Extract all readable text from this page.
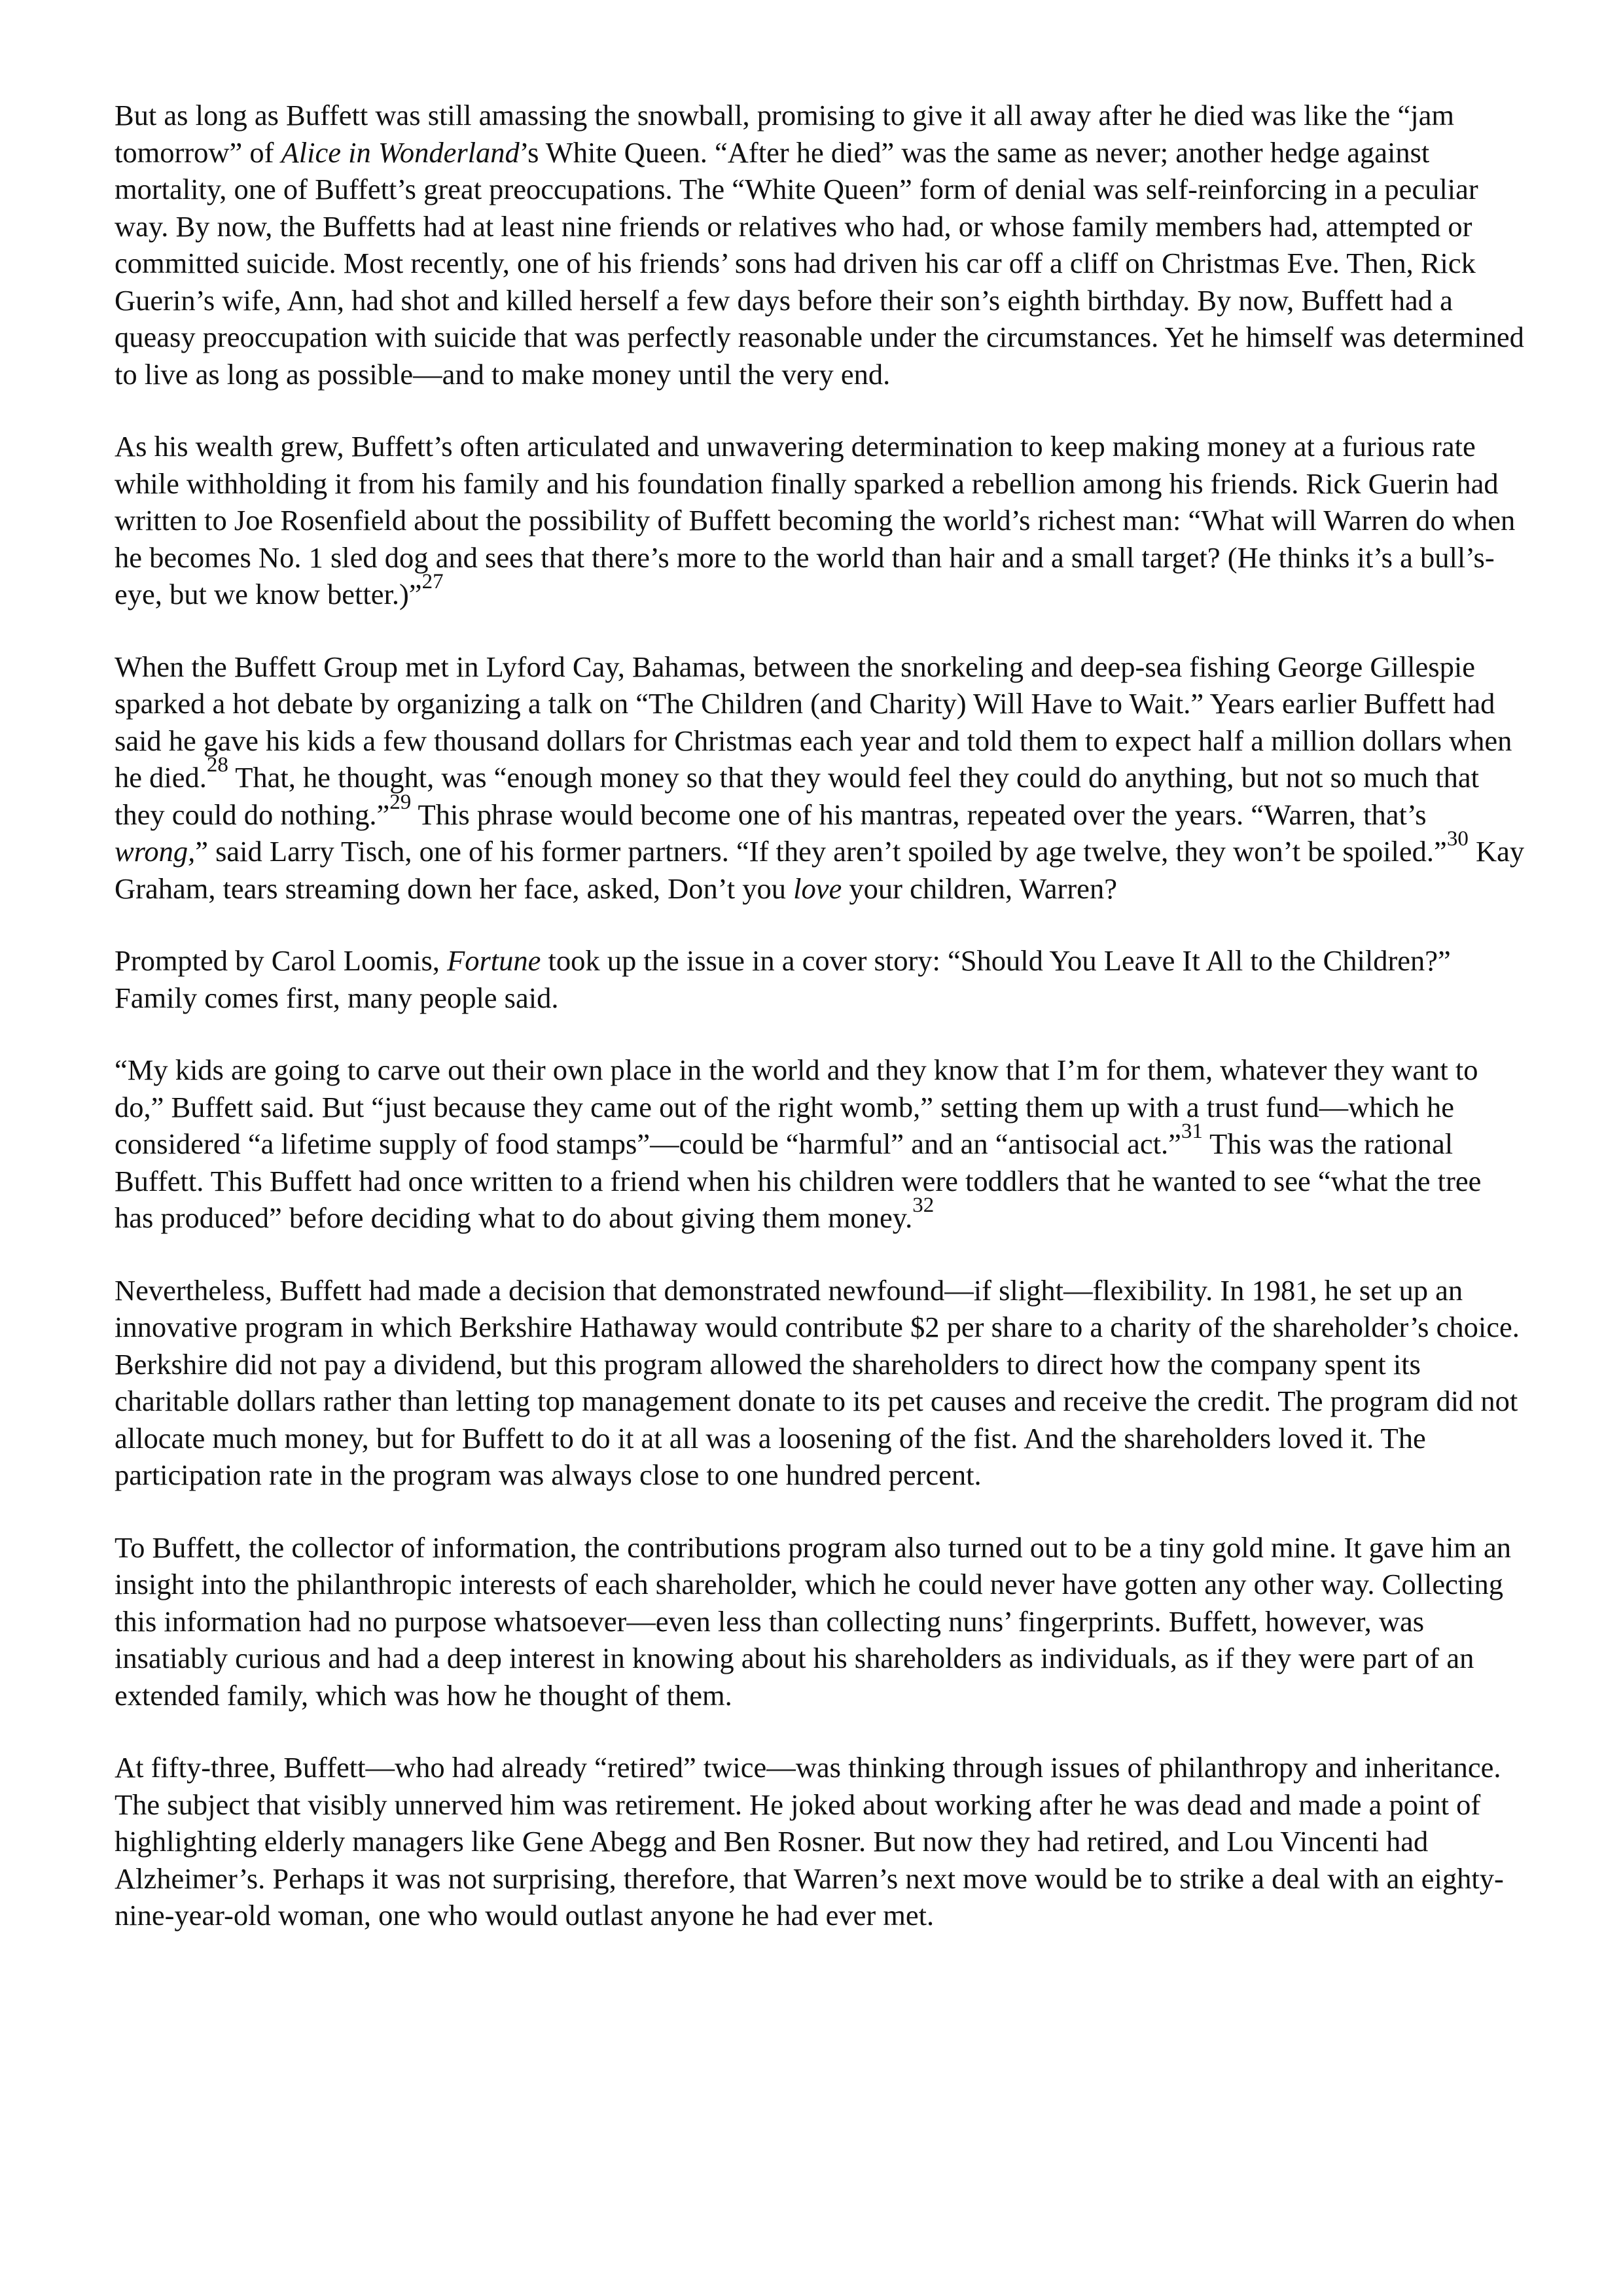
But as long as Buffett was still amassing the snowball, promising to give it all away after he died was like the “jam tomorrow” of Alice in Wonderland’s White Queen. “After he died” was the same as never; another hedge against mortality, one of Buffett’s great preoccupations. The “White Queen” form of denial was self-reinforcing in a peculiar way. By now, the Buffetts had at least nine friends or relatives who had, or whose family members had, attempted or committed suicide. Most recently, one of his friends’ sons had driven his car off a cliff on Christmas Eve. Then, Rick Guerin’s wife, Ann, had shot and killed herself a few days before their son’s eighth birthday. By now, Buffett had a queasy preoccupation with suicide that was perfectly reasonable under the circumstances. Yet he himself was determined to live as long as possible—and to make money until the very end.

As his wealth grew, Buffett’s often articulated and unwavering determination to keep making money at a furious rate while withholding it from his family and his foundation finally sparked a rebellion among his friends. Rick Guerin had written to Joe Rosenfield about the possibility of Buffett becoming the world’s richest man: “What will Warren do when he becomes No. 1 sled dog and sees that there’s more to the world than hair and a small target? (He thinks it’s a bull’s-eye, but we know better.)”$^{27}$

When the Buffett Group met in Lyford Cay, Bahamas, between the snorkeling and deep-sea fishing George Gillespie sparked a hot debate by organizing a talk on “The Children (and Charity) Will Have to Wait.” Years earlier Buffett had said he gave his kids a few thousand dollars for Christmas each year and told them to expect half a million dollars when he died.$^{28}$ That, he thought, was “enough money so that they would feel they could do anything, but not so much that they could do nothing.”$^{29}$ This phrase would become one of his mantras, repeated over the years. “Warren, that’s wrong,” said Larry Tisch, one of his former partners. “If they aren’t spoiled by age twelve, they won’t be spoiled.”$^{30}$ Kay Graham, tears streaming down her face, asked, Don’t you love your children, Warren?

Prompted by Carol Loomis, Fortune took up the issue in a cover story: “Should You Leave It All to the Children?” Family comes first, many people said.

“My kids are going to carve out their own place in the world and they know that I’m for them, whatever they want to do,” Buffett said. But “just because they came out of the right womb,” setting them up with a trust fund—which he considered “a lifetime supply of food stamps”—could be “harmful” and an “antisocial act.”$^{31}$ This was the rational Buffett. This Buffett had once written to a friend when his children were toddlers that he wanted to see “what the tree has produced” before deciding what to do about giving them money.$^{32}$

Nevertheless, Buffett had made a decision that demonstrated newfound—if slight—flexibility. In 1981, he set up an innovative program in which Berkshire Hathaway would contribute $2 per share to a charity of the shareholder’s choice. Berkshire did not pay a dividend, but this program allowed the shareholders to direct how the company spent its charitable dollars rather than letting top management donate to its pet causes and receive the credit. The program did not allocate much money, but for Buffett to do it at all was a loosening of the fist. And the shareholders loved it. The participation rate in the program was always close to one hundred percent.

To Buffett, the collector of information, the contributions program also turned out to be a tiny gold mine. It gave him an insight into the philanthropic interests of each shareholder, which he could never have gotten any other way. Collecting this information had no purpose whatsoever—even less than collecting nuns’ fingerprints. Buffett, however, was insatiably curious and had a deep interest in knowing about his shareholders as individuals, as if they were part of an extended family, which was how he thought of them.

At fifty-three, Buffett—who had already “retired” twice—was thinking through issues of philanthropy and inheritance. The subject that visibly unnerved him was retirement. He joked about working after he was dead and made a point of highlighting elderly managers like Gene Abegg and Ben Rosner. But now they had retired, and Lou Vincenti had Alzheimer’s. Perhaps it was not surprising, therefore, that Warren’s next move would be to strike a deal with an eighty-nine-year-old woman, one who would outlast anyone he had ever met.
